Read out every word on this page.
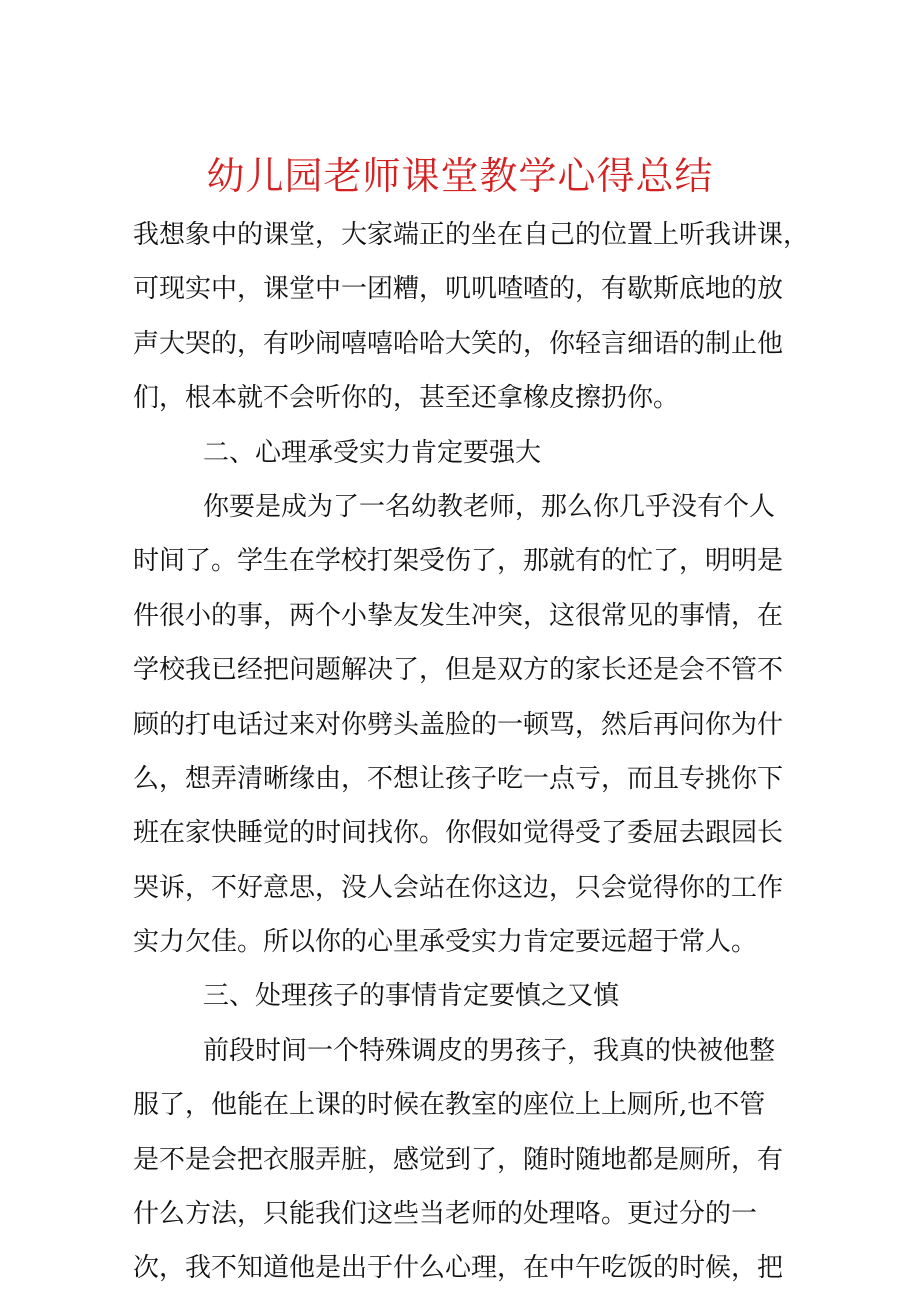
幼儿园老师课堂教学心得总结
我想象中的课堂，大家端正的坐在自己的位置上听我讲课，
可现实中，课堂中一团糟，叽叽喳喳的，有歇斯底地的放
声大哭的，有吵闹嘻嘻哈哈大笑的，你轻言细语的制止他
们，根本就不会听你的，甚至还拿橡皮擦扔你。
二、心理承受实力肯定要强大
你要是成为了一名幼教老师，那么你几乎没有个人
时间了。学生在学校打架受伤了，那就有的忙了，明明是
件很小的事，两个小挚友发生冲突，这很常见的事情，在
学校我已经把问题解决了，但是双方的家长还是会不管不
顾的打电话过来对你劈头盖脸的一顿骂，然后再问你为什
么，想弄清晰缘由，不想让孩子吃一点亏，而且专挑你下
班在家快睡觉的时间找你。你假如觉得受了委屈去跟园长
哭诉，不好意思，没人会站在你这边，只会觉得你的工作
实力欠佳。所以你的心里承受实力肯定要远超于常人。
三、处理孩子的事情肯定要慎之又慎
前段时间一个特殊调皮的男孩子，我真的快被他整
服了，他能在上课的时候在教室的座位上上厕所,也不管
是不是会把衣服弄脏，感觉到了，随时随地都是厕所，有
什么方法，只能我们这些当老师的处理咯。更过分的一
次，我不知道他是出于什么心理，在中午吃饭的时候，把
